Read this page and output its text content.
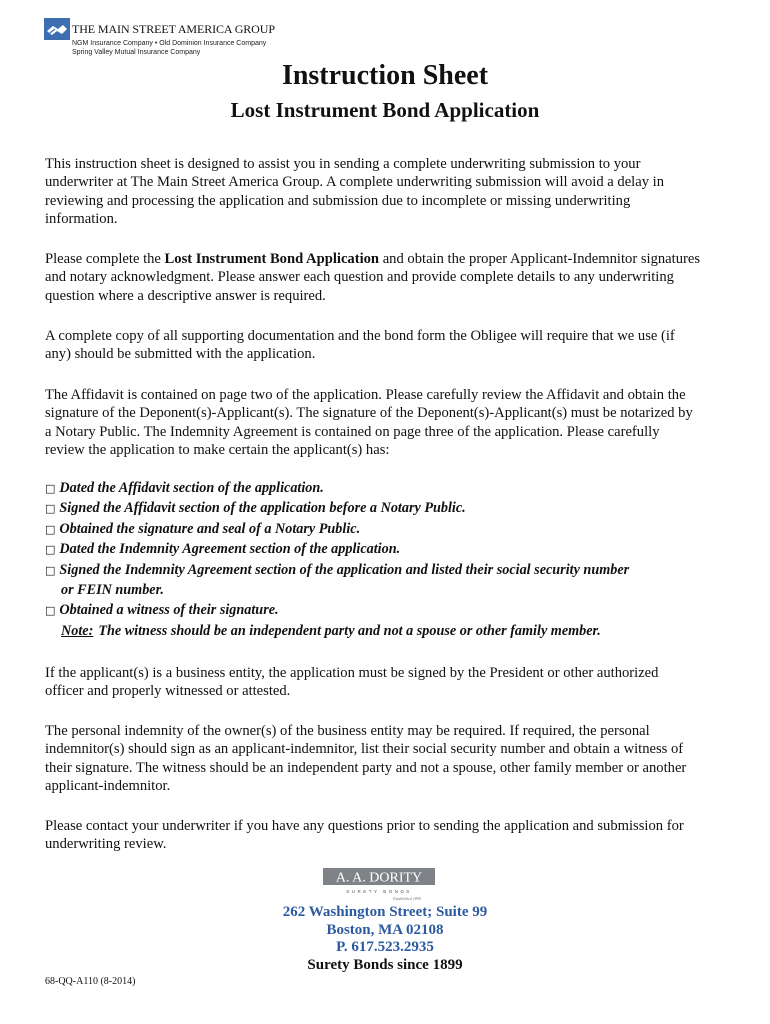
THE MAIN STREET AMERICA GROUP
NGM Insurance Company • Old Dominion Insurance Company
Spring Valley Mutual Insurance Company
Instruction Sheet
Lost Instrument Bond Application
This instruction sheet is designed to assist you in sending a complete underwriting submission to your
underwriter at The Main Street America Group. A complete underwriting submission will avoid a delay in
reviewing and processing the application and submission due to incomplete or missing underwriting
information.
Please complete the Lost Instrument Bond Application and obtain the proper Applicant-Indemnitor signatures
and notary acknowledgment. Please answer each question and provide complete details to any underwriting
question where a descriptive answer is required.
A complete copy of all supporting documentation and the bond form the Obligee will require that we use (if
any) should be submitted with the application.
The Affidavit is contained on page two of the application. Please carefully review the Affidavit and obtain the
signature of the Deponent(s)-Applicant(s). The signature of the Deponent(s)-Applicant(s) must be notarized by
a Notary Public. The Indemnity Agreement is contained on page three of the application. Please carefully
review the application to make certain the applicant(s) has:
□ Dated the Affidavit section of the application.
□ Signed the Affidavit section of the application before a Notary Public.
□ Obtained the signature and seal of a Notary Public.
□ Dated the Indemnity Agreement section of the application.
□ Signed the Indemnity Agreement section of the application and listed their social security number
or FEIN number.
□ Obtained a witness of their signature.
Note: The witness should be an independent party and not a spouse or other family member.
If the applicant(s) is a business entity, the application must be signed by the President or other authorized
officer and properly witnessed or attested.
The personal indemnity of the owner(s) of the business entity may be required. If required, the personal
indemnitor(s) should sign as an applicant-indemnitor, list their social security number and obtain a witness of
their signature. The witness should be an independent party and not a spouse, other family member or another
applicant-indemnitor.
Please contact your underwriter if you have any questions prior to sending the application and submission for
underwriting review.
A. A. DORITY
SURETY BONDS
Established 1899
262 Washington Street; Suite 99
Boston, MA 02108
P. 617.523.2935
Surety Bonds since 1899
68-QQ-A110 (8-2014)
